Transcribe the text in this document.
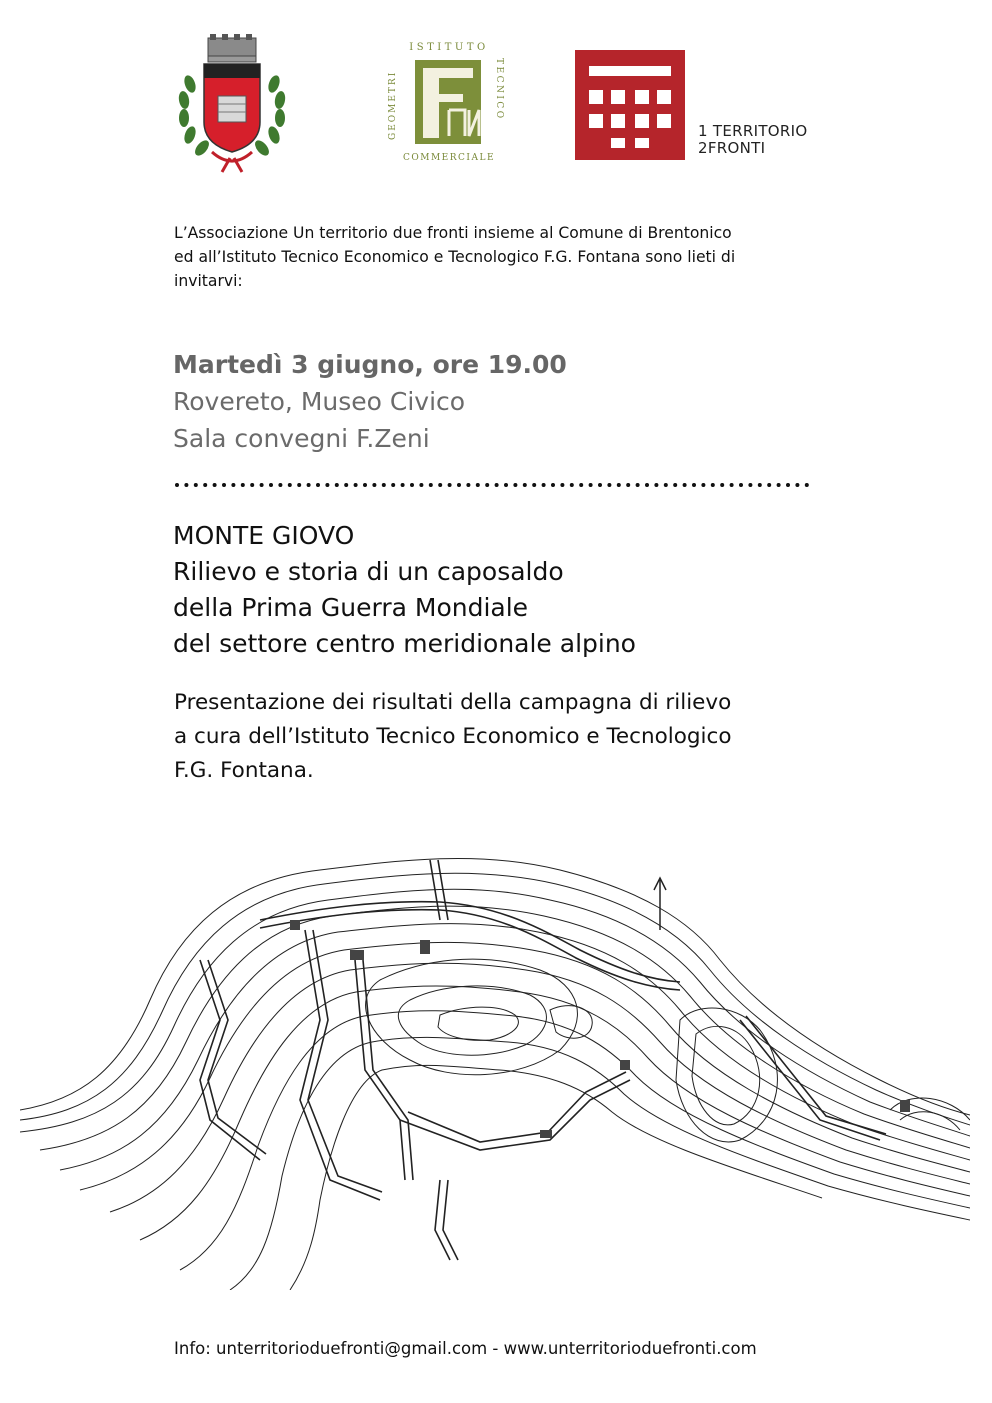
ISTITUTO
GEOMETRI	TECNICO
COMMERCIALE
1 TERRITORIO
2FRONTI
L’Associazione Un territorio due fronti insieme al Comune di Brentonico
ed all’Istituto Tecnico Economico e Tecnologico F.G. Fontana sono lieti di
invitarvi:
Martedì 3 giugno, ore 19.00
Rovereto, Museo Civico
Sala convegni F.Zeni
MONTE GIOVO
Rilievo e storia di un caposaldo
della Prima Guerra Mondiale
del settore centro meridionale alpino
Presentazione dei risultati della campagna di rilievo
a cura dell’Istituto Tecnico Economico e Tecnologico
F.G. Fontana.
Info: unterritorioduefronti@gmail.com - www.unterritorioduefronti.com
